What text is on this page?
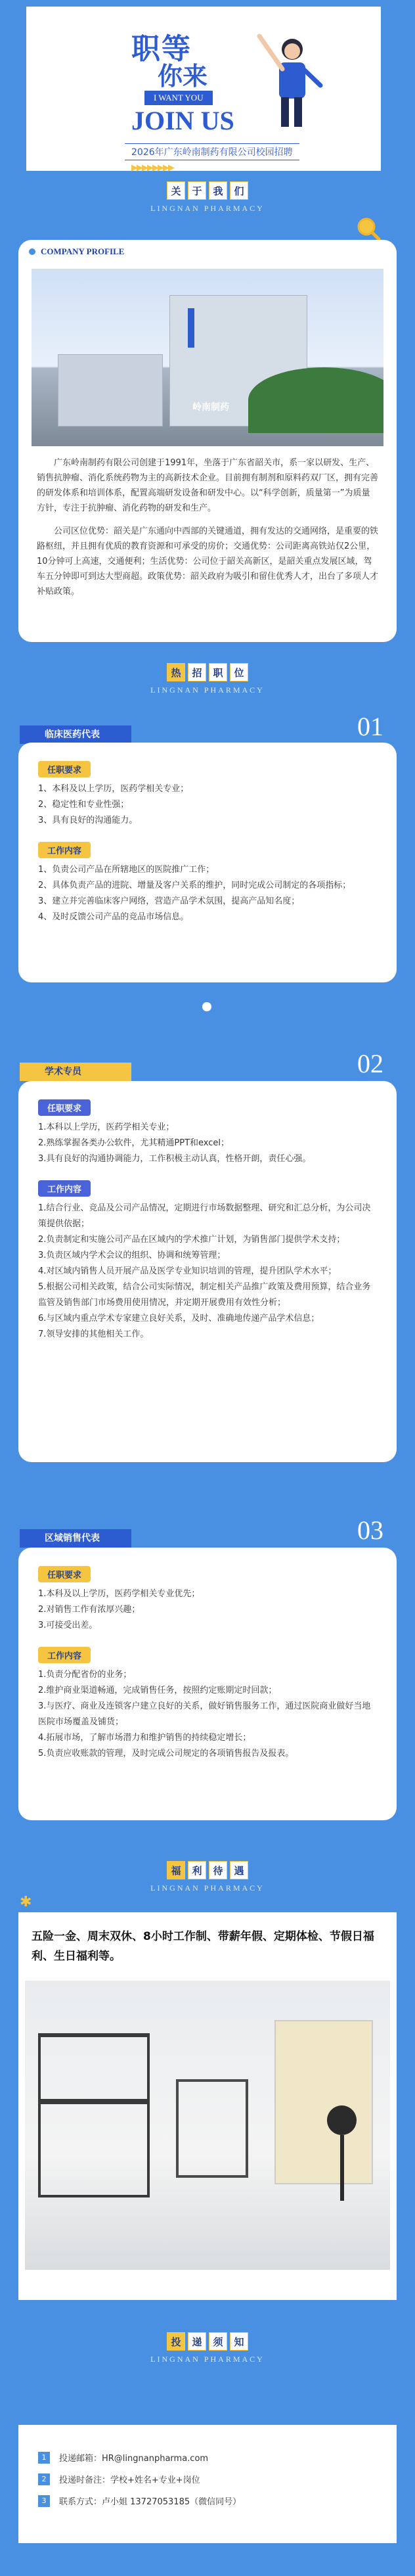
职等
你来
I WANT YOU
JOIN US
2026年广东岭南制药有限公司校园招聘
▶▶▶▶▶▶▶▶
关	于	我	们
LINGNAN PHARMACY
COMPANY PROFILE
岭南制药

广东岭南制药有限公司创建于1991年，坐落于广东省韶关市，系一家以研发、生产、销售抗肿瘤、消化系统药物为主的高新技术企业。目前拥有制剂和原料药双厂区，拥有完善的研发体系和培训体系，配置高端研发设备和研发中心。以“科学创新，质量第一”为质量方针，专注于抗肿瘤、消化药物的研发和生产。

公司区位优势：韶关是广东通向中西部的关键通道，拥有发达的交通网络，是重要的铁路枢纽，并且拥有优质的教育资源和可承受的房价；交通优势：公司距离高铁站仅2公里，10分钟可上高速，交通便利；生活优势：公司位于韶关高新区，是韶关重点发展区域，驾车五分钟即可到达大型商超。政策优势：韶关政府为吸引和留住优秀人才，出台了多项人才补贴政策。

热	招	职	位
LINGNAN PHARMACY
01
临床医药代表
任职要求
1、本科及以上学历，医药学相关专业；
2、稳定性和专业性强；
3、具有良好的沟通能力。
工作内容
1、负责公司产品在所辖地区的医院推广工作；
2、具体负责产品的进院、增量及客户关系的维护，同时完成公司制定的各项指标；
3、建立并完善临床客户网络，营造产品学术氛围，提高产品知名度；
4、及时反馈公司产品的竞品市场信息。
02
学术专员
任职要求
1.本科以上学历，医药学相关专业；
2.熟练掌握各类办公软件，尤其精通PPT和excel；
3.具有良好的沟通协调能力，工作积极主动认真，性格开朗，责任心强。
工作内容
1.结合行业、竞品及公司产品情况，定期进行市场数据整理、研究和汇总分析，为公司决策提供依据；
2.负责制定和实施公司产品在区域内的学术推广计划，为销售部门提供学术支持；
3.负责区域内学术会议的组织、协调和统筹管理；
4.对区域内销售人员开展产品及医学专业知识培训的管理，提升团队学术水平；
5.根据公司相关政策，结合公司实际情况，制定相关产品推广政策及费用预算，结合业务监管及销售部门市场费用使用情况，并定期开展费用有效性分析；
6.与区域内重点学术专家建立良好关系，及时、准确地传递产品学术信息；
7.领导安排的其他相关工作。
03
区域销售代表
任职要求
1.本科及以上学历，医药学相关专业优先；
2.对销售工作有浓厚兴趣；
3.可接受出差。
工作内容
1.负责分配省份的业务；
2.维护商业渠道畅通，完成销售任务，按照约定账期定时回款；
3.与医疗、商业及连锁客户建立良好的关系，做好销售服务工作，通过医院商业做好当地医院市场覆盖及铺货；
4.拓展市场，了解市场潜力和维护销售的持续稳定增长；
5.负责应收账款的管理，及时完成公司规定的各项销售报告及报表。
福	利	待	遇
LINGNAN PHARMACY
✱
五险一金、周末双休、8小时工作制、带薪年假、定期体检、节假日福利、生日福利等。
投	递	须	知
LINGNAN PHARMACY
1	投递邮箱：HR@lingnanpharma.com
2	投递时备注：学校+姓名+专业+岗位
3	联系方式：卢小姐 13727053185（微信同号）
